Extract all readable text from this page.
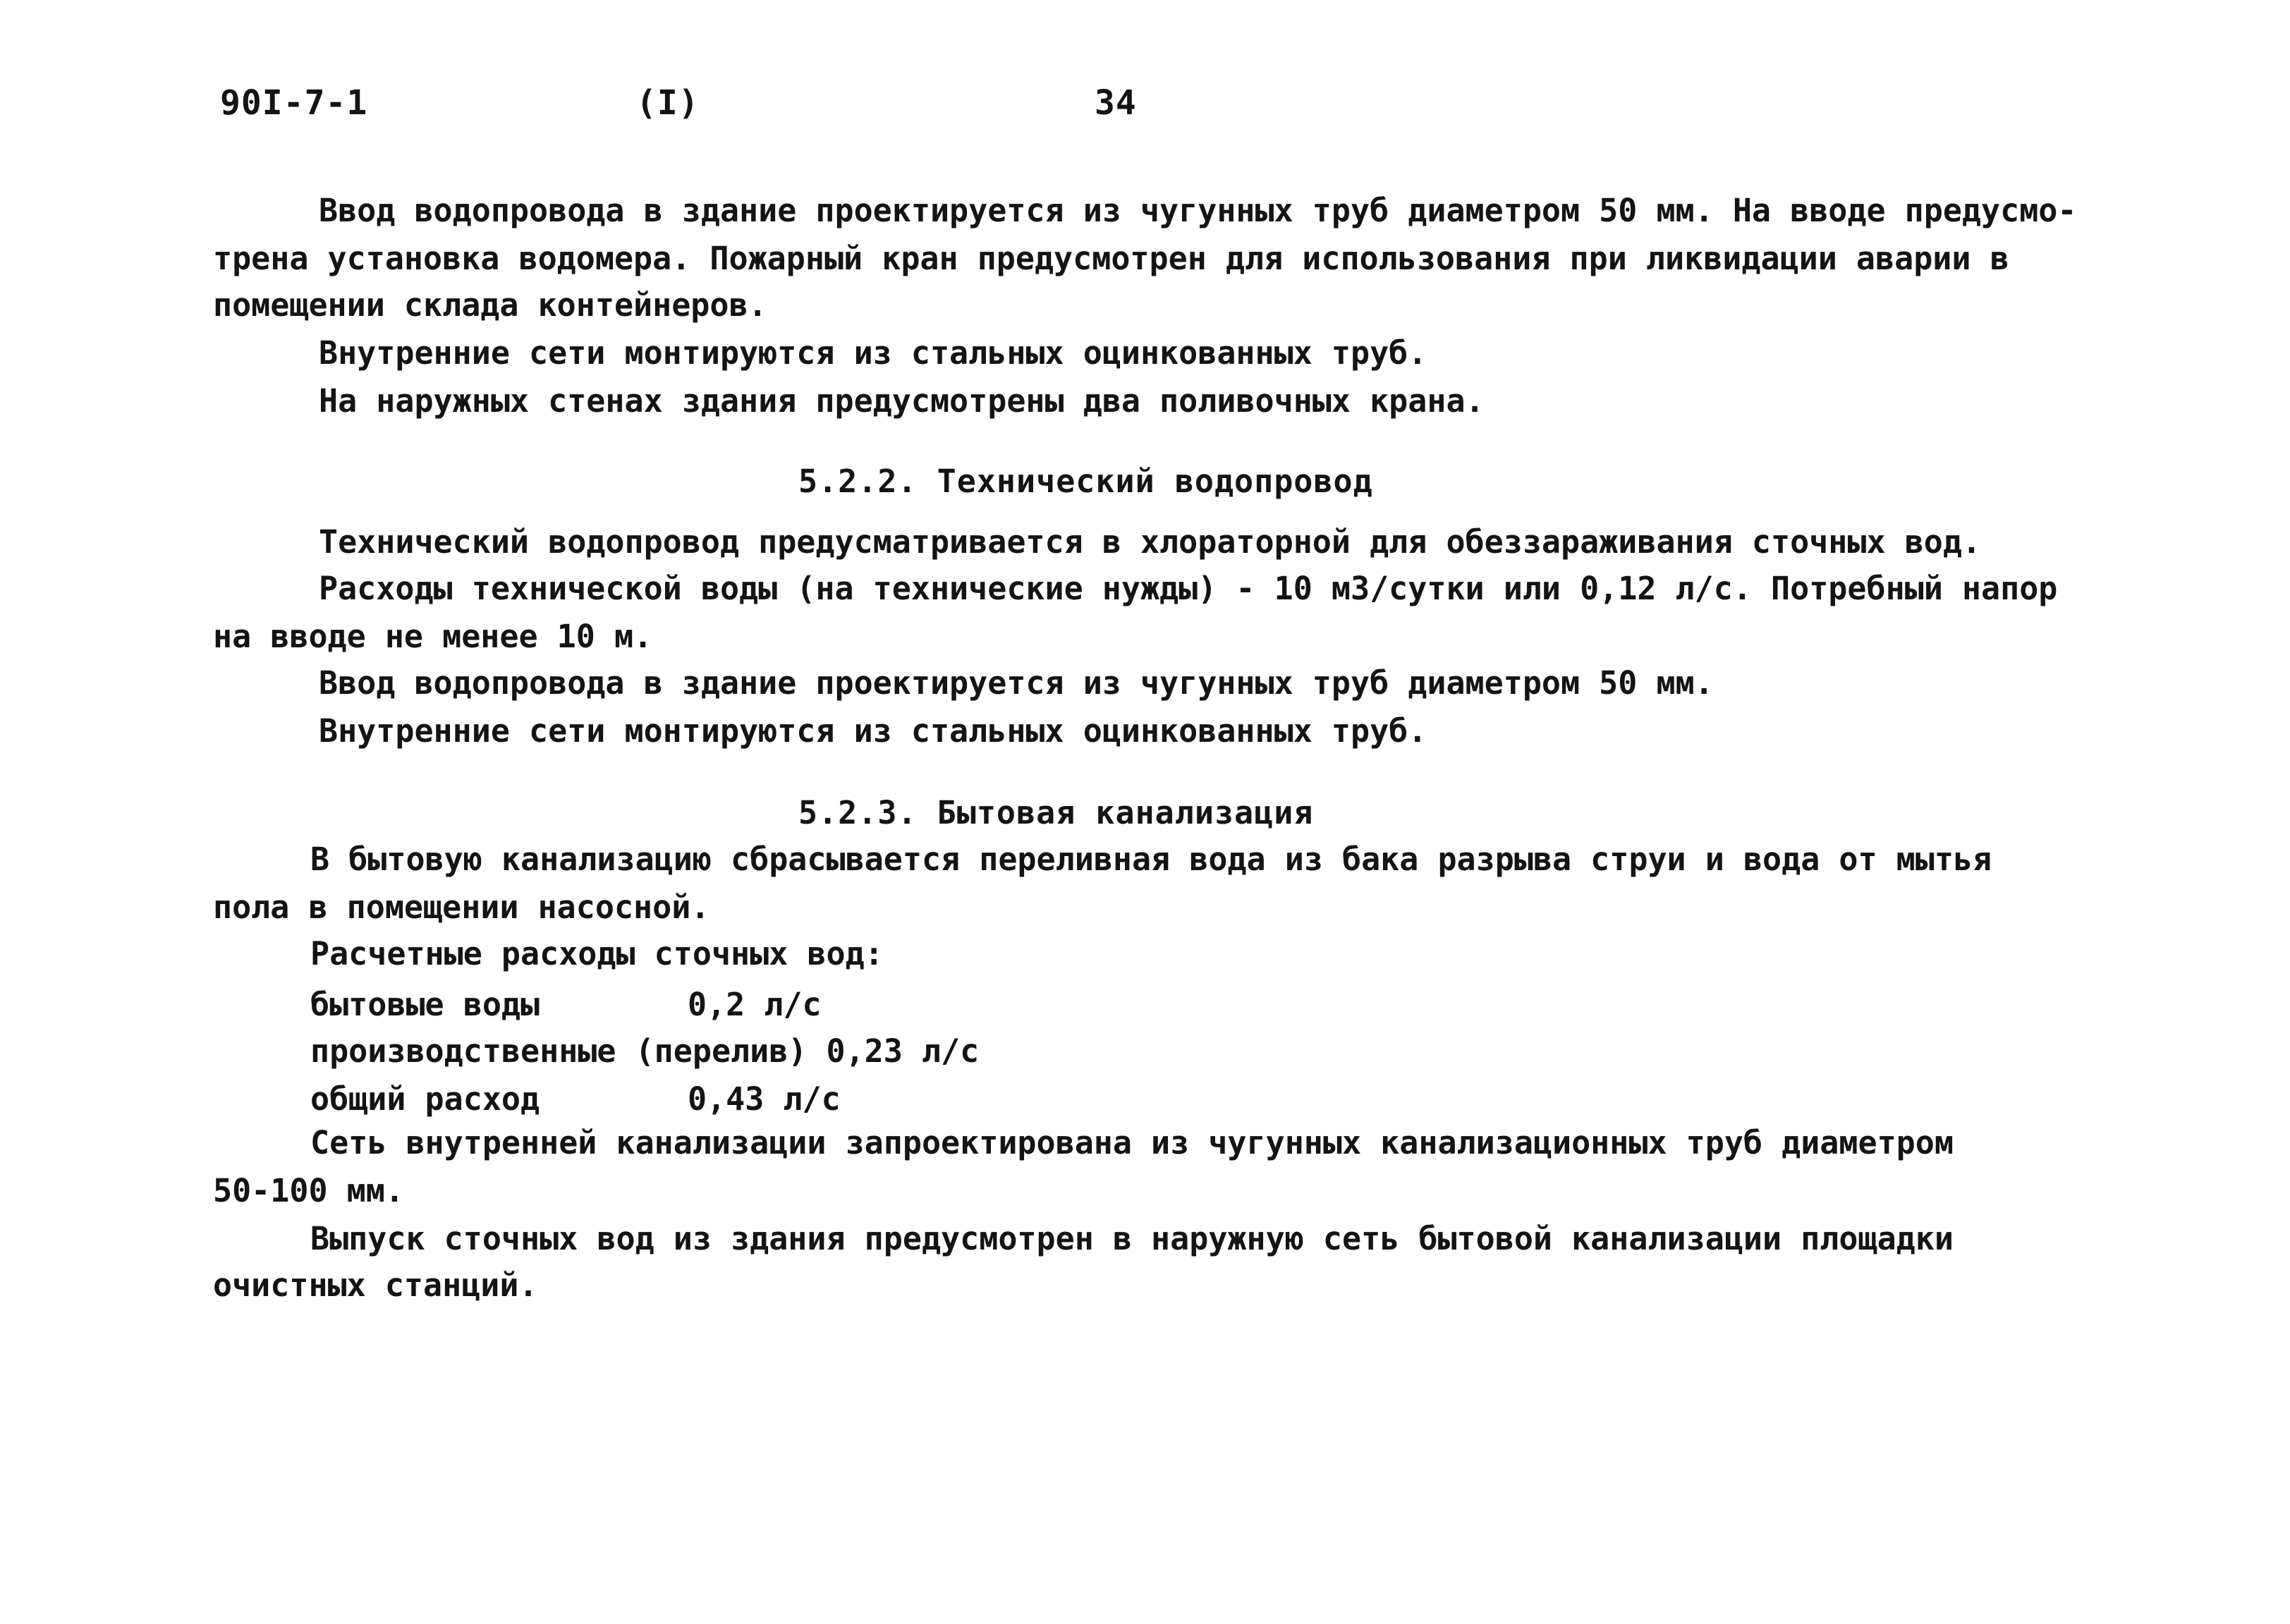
90I-7-1	(I)	34
Ввод водопровода в здание проектируется из чугунных труб диаметром 50 мм. На вводе предусмо-
трена установка водомера. Пожарный кран предусмотрен для использования при ликвидации аварии в
помещении склада контейнеров.
Внутренние сети монтируются из стальных оцинкованных труб.
На наружных стенах здания предусмотрены два поливочных крана.
5.2.2. Технический водопровод
Технический водопровод предусматривается в хлораторной для обеззараживания сточных вод.
Расходы технической воды (на технические нужды) - 10 м3/сутки или 0,12 л/с. Потребный напор
на вводе не менее 10 м.
Ввод водопровода в здание проектируется из чугунных труб диаметром 50 мм.
Внутренние сети монтируются из стальных оцинкованных труб.
5.2.3. Бытовая канализация
В бытовую канализацию сбрасывается переливная вода из бака разрыва струи и вода от мытья
пола в помещении насосной.
Расчетные расходы сточных вод:
бытовые воды	0,2 л/с
производственные (перелив) 0,23 л/с
общий расход	0,43 л/с
Сеть внутренней канализации запроектирована из чугунных канализационных труб диаметром
50-100 мм.
Выпуск сточных вод из здания предусмотрен в наружную сеть бытовой канализации площадки
очистных станций.
